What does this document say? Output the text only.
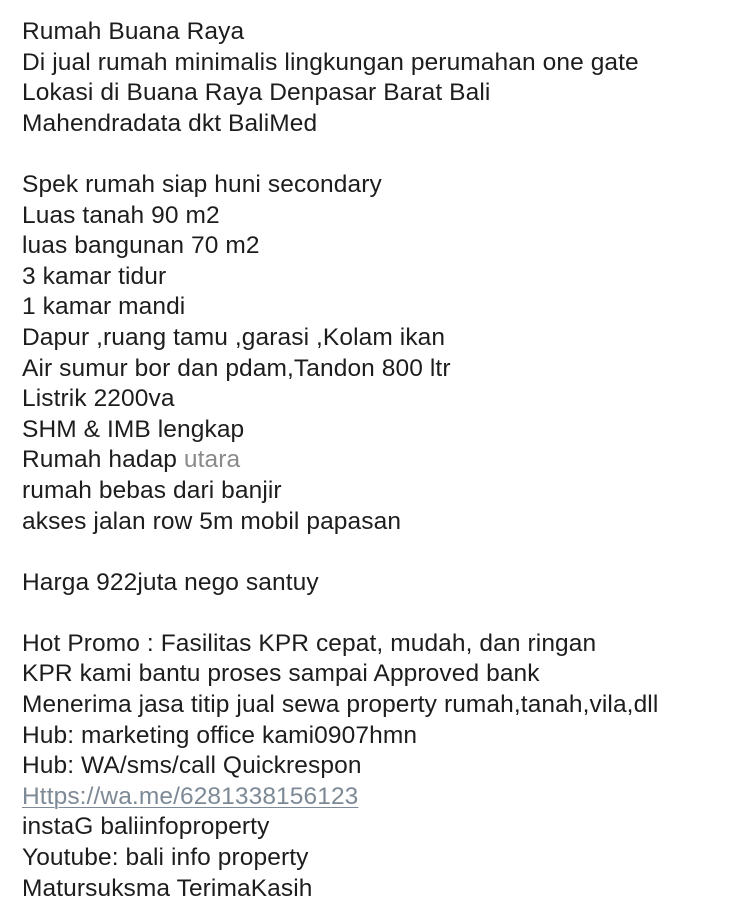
Rumah Buana Raya
Di jual rumah minimalis lingkungan perumahan one gate
Lokasi di Buana Raya Denpasar Barat Bali
Mahendradata dkt BaliMed
Spek rumah siap huni secondary
Luas tanah 90 m2
luas bangunan 70 m2
3 kamar tidur
1 kamar mandi
Dapur ,ruang tamu ,garasi ,Kolam ikan
Air sumur bor dan pdam,Tandon 800 ltr
Listrik 2200va
SHM & IMB lengkap
Rumah hadap utara
rumah bebas dari banjir
akses jalan row 5m mobil papasan
Harga 922juta nego santuy
Hot Promo : Fasilitas KPR cepat, mudah, dan ringan
KPR kami bantu proses sampai Approved bank
Menerima jasa titip jual sewa property rumah,tanah,vila,dll
Hub: marketing office kami0907hmn
Hub: WA/sms/call Quickrespon
Https://wa.me/6281338156123
instaG baliinfoproperty
Youtube: bali info property
Matursuksma TerimaKasih
